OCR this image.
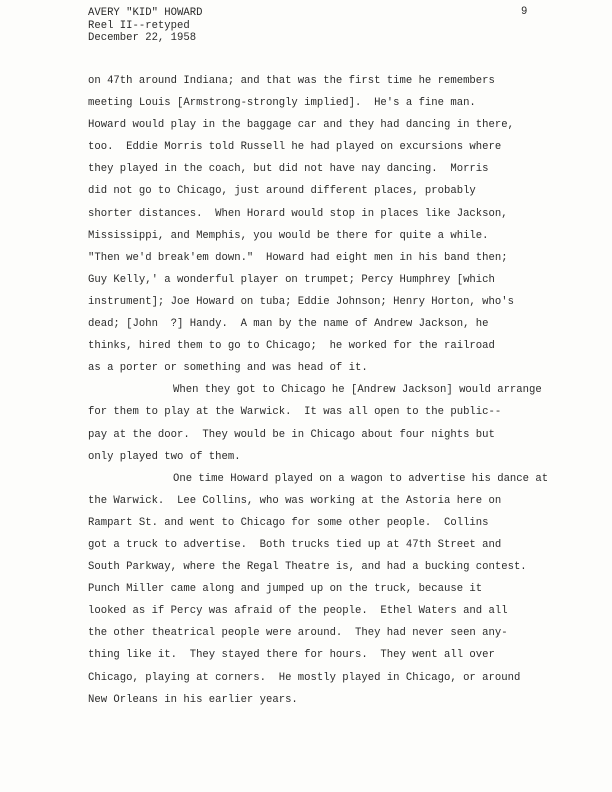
AVERY "KID" HOWARD
Reel II--retyped
December 22, 1958
9
on 47th around Indiana; and that was the first time he remembers
meeting Louis [Armstrong-strongly implied].  He's a fine man.
Howard would play in the baggage car and they had dancing in there,
too.  Eddie Morris told Russell he had played on excursions where
they played in the coach, but did not have nay dancing.  Morris
did not go to Chicago, just around different places, probably
shorter distances.  When Horard would stop in places like Jackson,
Mississippi, and Memphis, you would be there for quite a while.
"Then we'd break'em down."  Howard had eight men in his band then;
Guy Kelly,' a wonderful player on trumpet; Percy Humphrey [which
instrument]; Joe Howard on tuba; Eddie Johnson; Henry Horton, who's
dead; [John  ?] Handy.  A man by the name of Andrew Jackson, he
thinks, hired them to go to Chicago;  he worked for the railroad
as a porter or something and was head of it.
When they got to Chicago he [Andrew Jackson] would arrange
for them to play at the Warwick.  It was all open to the public--
pay at the door.  They would be in Chicago about four nights but
only played two of them.
One time Howard played on a wagon to advertise his dance at
the Warwick.  Lee Collins, who was working at the Astoria here on
Rampart St. and went to Chicago for some other people.  Collins
got a truck to advertise.  Both trucks tied up at 47th Street and
South Parkway, where the Regal Theatre is, and had a bucking contest.
Punch Miller came along and jumped up on the truck, because it
looked as if Percy was afraid of the people.  Ethel Waters and all
the other theatrical people were around.  They had never seen any-
thing like it.  They stayed there for hours.  They went all over
Chicago, playing at corners.  He mostly played in Chicago, or around
New Orleans in his earlier years.
